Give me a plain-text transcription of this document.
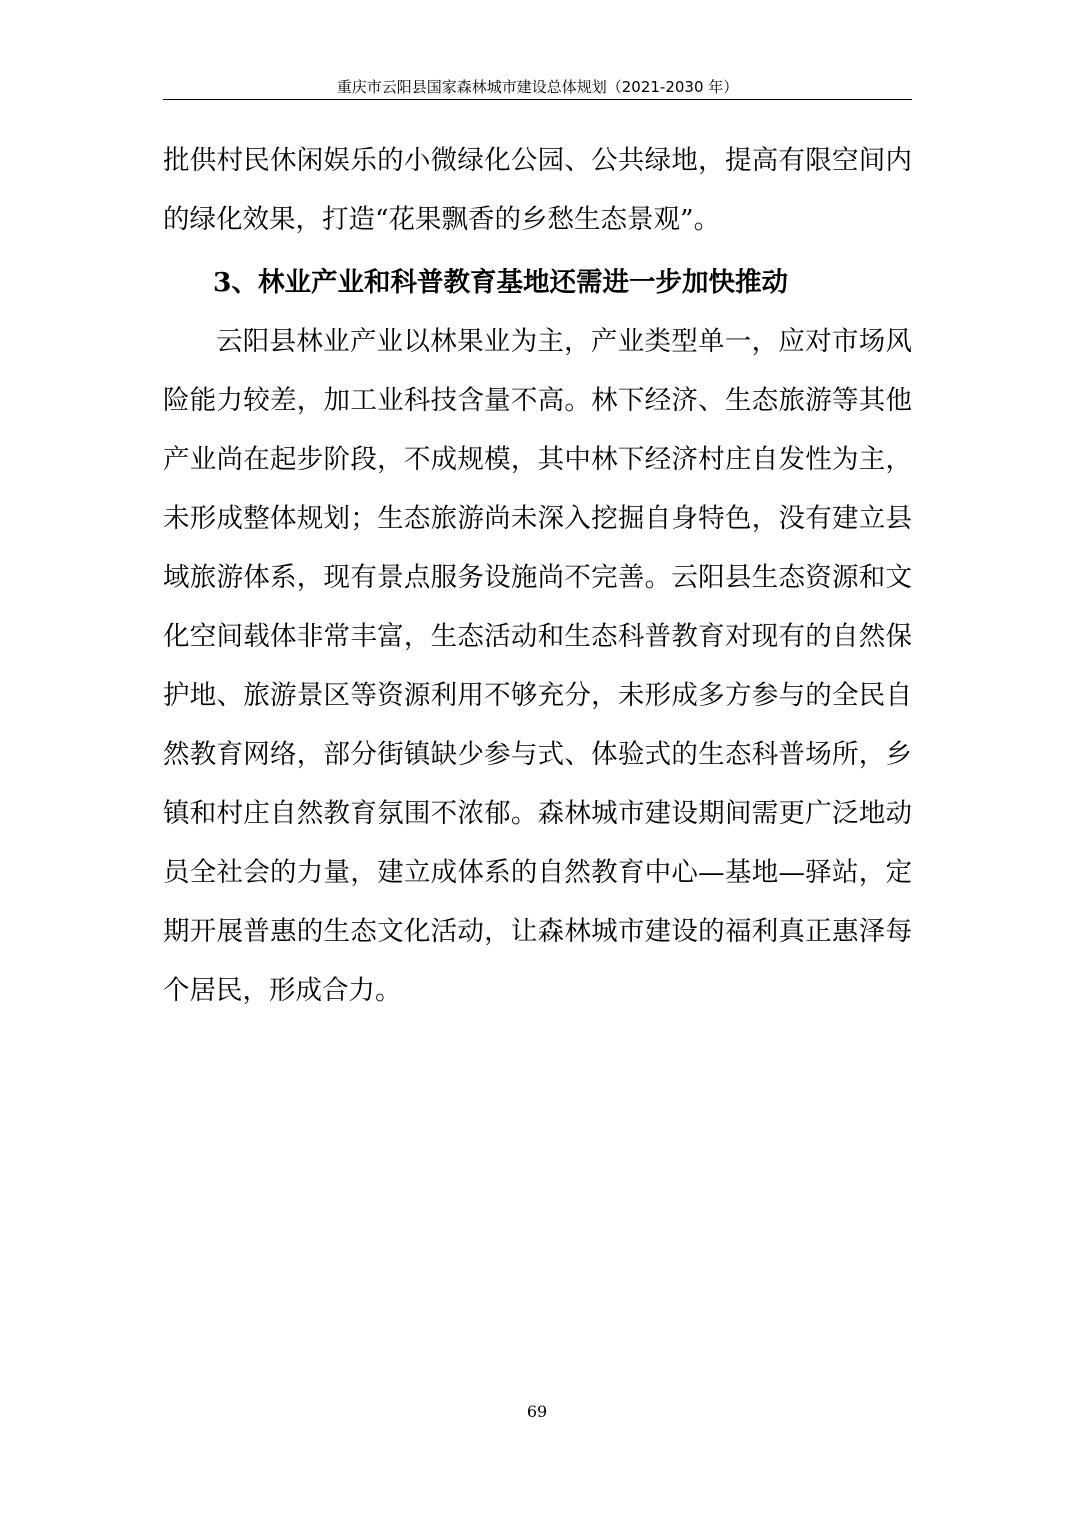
重庆市云阳县国家森林城市建设总体规划（2021-2030 年）
批供村民休闲娱乐的小微绿化公园、公共绿地，提高有限空间内的绿化效果，打造“花果飘香的乡愁生态景观”。
3、林业产业和科普教育基地还需进一步加快推动
云阳县林业产业以林果业为主，产业类型单一，应对市场风险能力较差，加工业科技含量不高。林下经济、生态旅游等其他产业尚在起步阶段，不成规模，其中林下经济村庄自发性为主，未形成整体规划；生态旅游尚未深入挖掘自身特色，没有建立县域旅游体系，现有景点服务设施尚不完善。云阳县生态资源和文化空间载体非常丰富，生态活动和生态科普教育对现有的自然保护地、旅游景区等资源利用不够充分，未形成多方参与的全民自然教育网络，部分街镇缺少参与式、体验式的生态科普场所，乡镇和村庄自然教育氛围不浓郁。森林城市建设期间需更广泛地动员全社会的力量，建立成体系的自然教育中心—基地—驿站，定期开展普惠的生态文化活动，让森林城市建设的福利真正惠泽每个居民，形成合力。
69
